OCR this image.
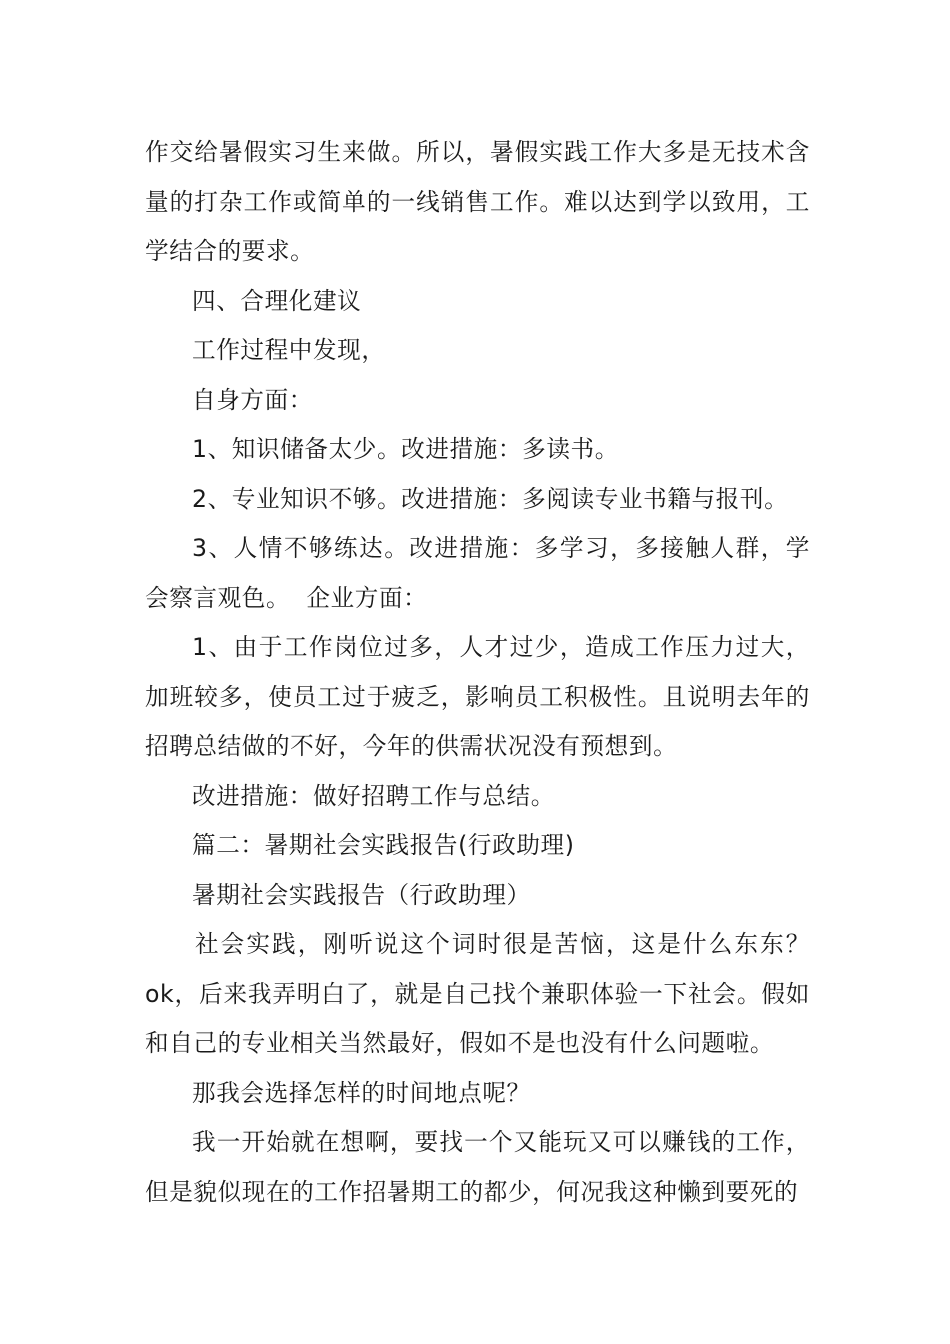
作交给暑假实习生来做。所以，暑假实践工作大多是无技术含量的打杂工作或简单的一线销售工作。难以达到学以致用，工学结合的要求。

四、合理化建议

工作过程中发现，

自身方面：

1、知识储备太少。改进措施：多读书。

2、专业知识不够。改进措施：多阅读专业书籍与报刊。

3、人情不够练达。改进措施：多学习，多接触人群，学会察言观色。  企业方面：

1、由于工作岗位过多，人才过少，造成工作压力过大，加班较多，使员工过于疲乏，影响员工积极性。且说明去年的招聘总结做的不好，今年的供需状况没有预想到。

改进措施：做好招聘工作与总结。

篇二：暑期社会实践报告(行政助理)

暑期社会实践报告（行政助理）

社会实践，刚听说这个词时很是苦恼，这是什么东东？ok，后来我弄明白了，就是自己找个兼职体验一下社会。假如和自己的专业相关当然最好，假如不是也没有什么问题啦。

那我会选择怎样的时间地点呢？

我一开始就在想啊，要找一个又能玩又可以赚钱的工作，但是貌似现在的工作招暑期工的都少，何况我这种懒到要死的
